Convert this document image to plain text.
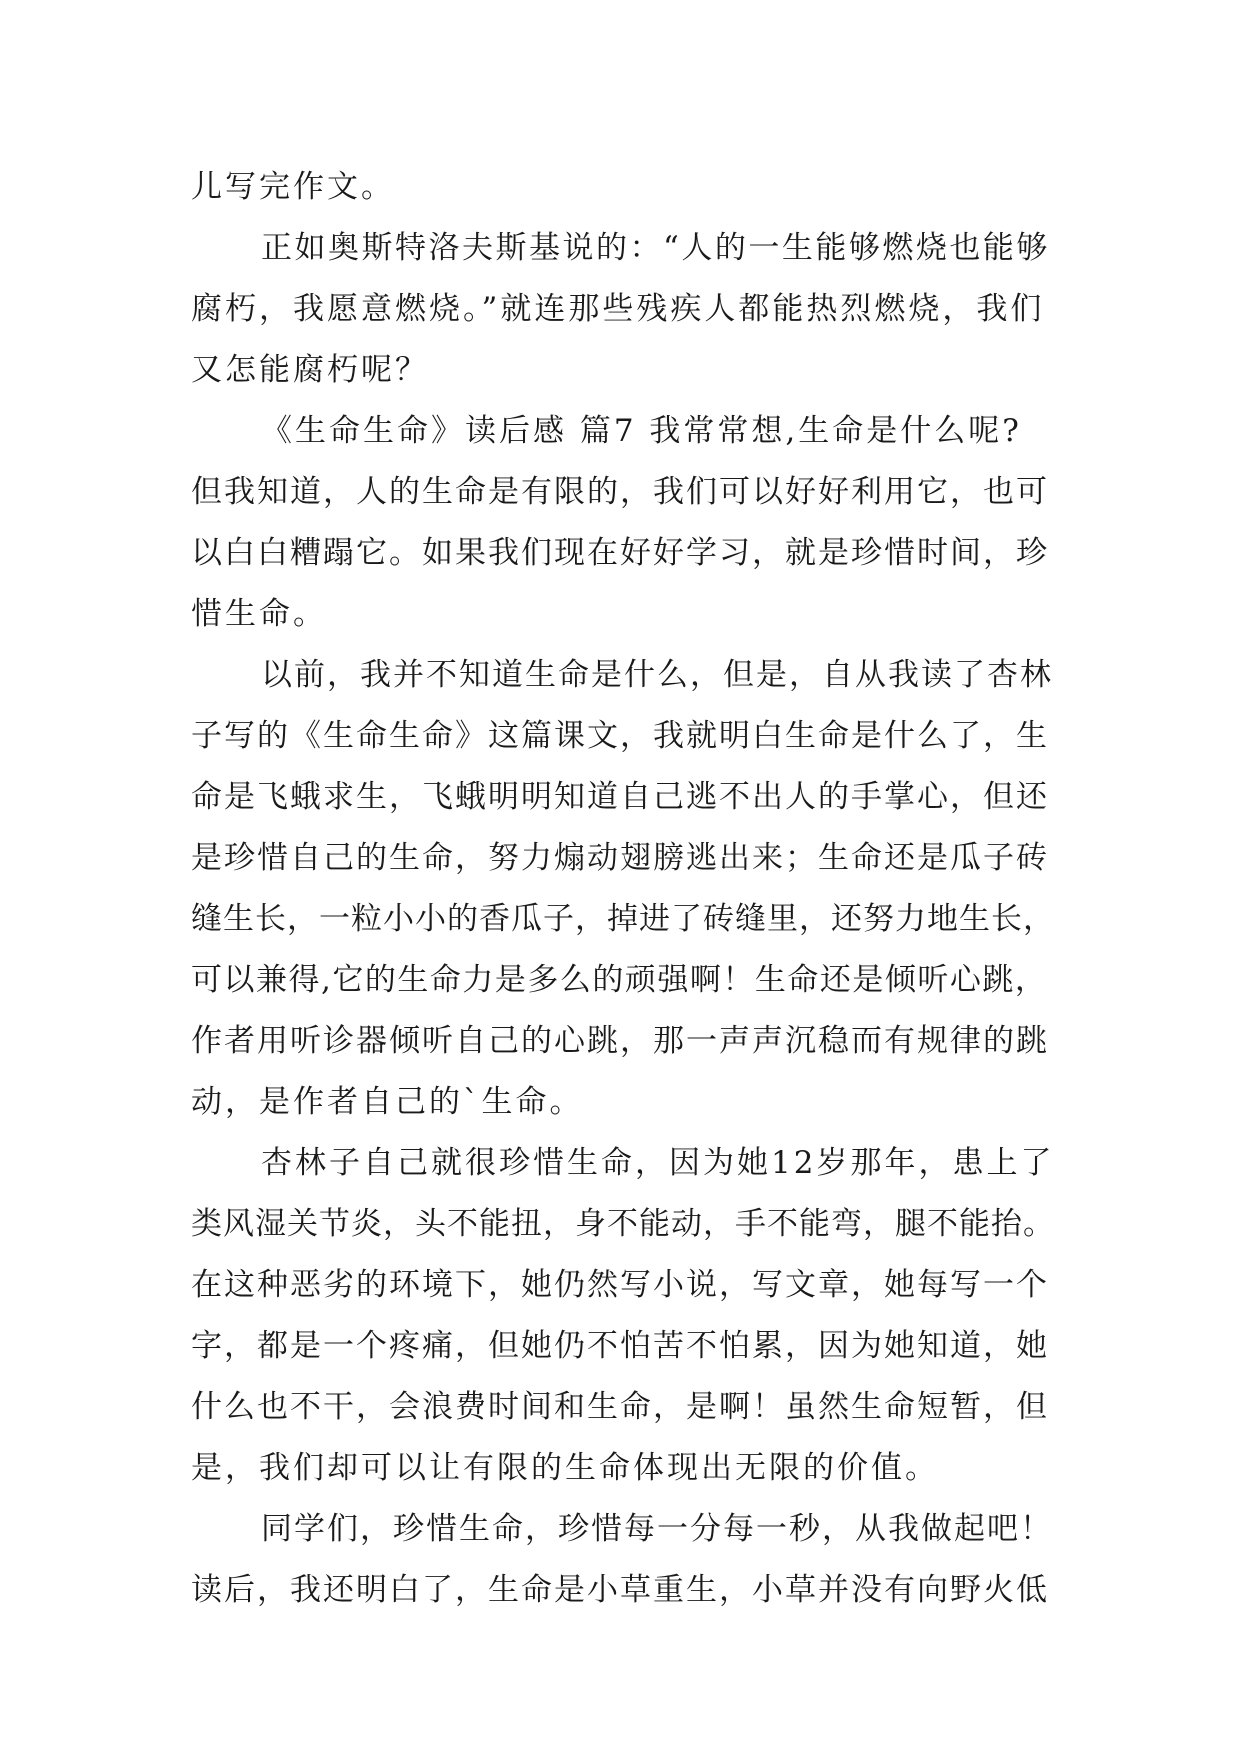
儿写完作文。
正如奥斯特洛夫斯基说的：“人的一生能够燃烧也能够
腐朽，我愿意燃烧。”就连那些残疾人都能热烈燃烧，我们
又怎能腐朽呢？
《生命生命》读后感 篇7 我常常想,生命是什么呢?
但我知道，人的生命是有限的，我们可以好好利用它，也可
以白白糟蹋它。如果我们现在好好学习，就是珍惜时间，珍
惜生命。
以前，我并不知道生命是什么，但是，自从我读了杏林
子写的《生命生命》这篇课文，我就明白生命是什么了，生
命是飞蛾求生，飞蛾明明知道自己逃不出人的手掌心，但还
是珍惜自己的生命，努力煽动翅膀逃出来；生命还是瓜子砖
缝生长，一粒小小的香瓜子，掉进了砖缝里，还努力地生长，
可以兼得,它的生命力是多么的顽强啊！生命还是倾听心跳，
作者用听诊器倾听自己的心跳，那一声声沉稳而有规律的跳
动，是作者自己的`生命。
杏林子自己就很珍惜生命，因为她12岁那年，患上了
类风湿关节炎，头不能扭，身不能动，手不能弯，腿不能抬。
在这种恶劣的环境下，她仍然写小说，写文章，她每写一个
字，都是一个疼痛，但她仍不怕苦不怕累，因为她知道，她
什么也不干，会浪费时间和生命，是啊！虽然生命短暂，但
是，我们却可以让有限的生命体现出无限的价值。
同学们，珍惜生命，珍惜每一分每一秒，从我做起吧！
读后，我还明白了，生命是小草重生，小草并没有向野火低
